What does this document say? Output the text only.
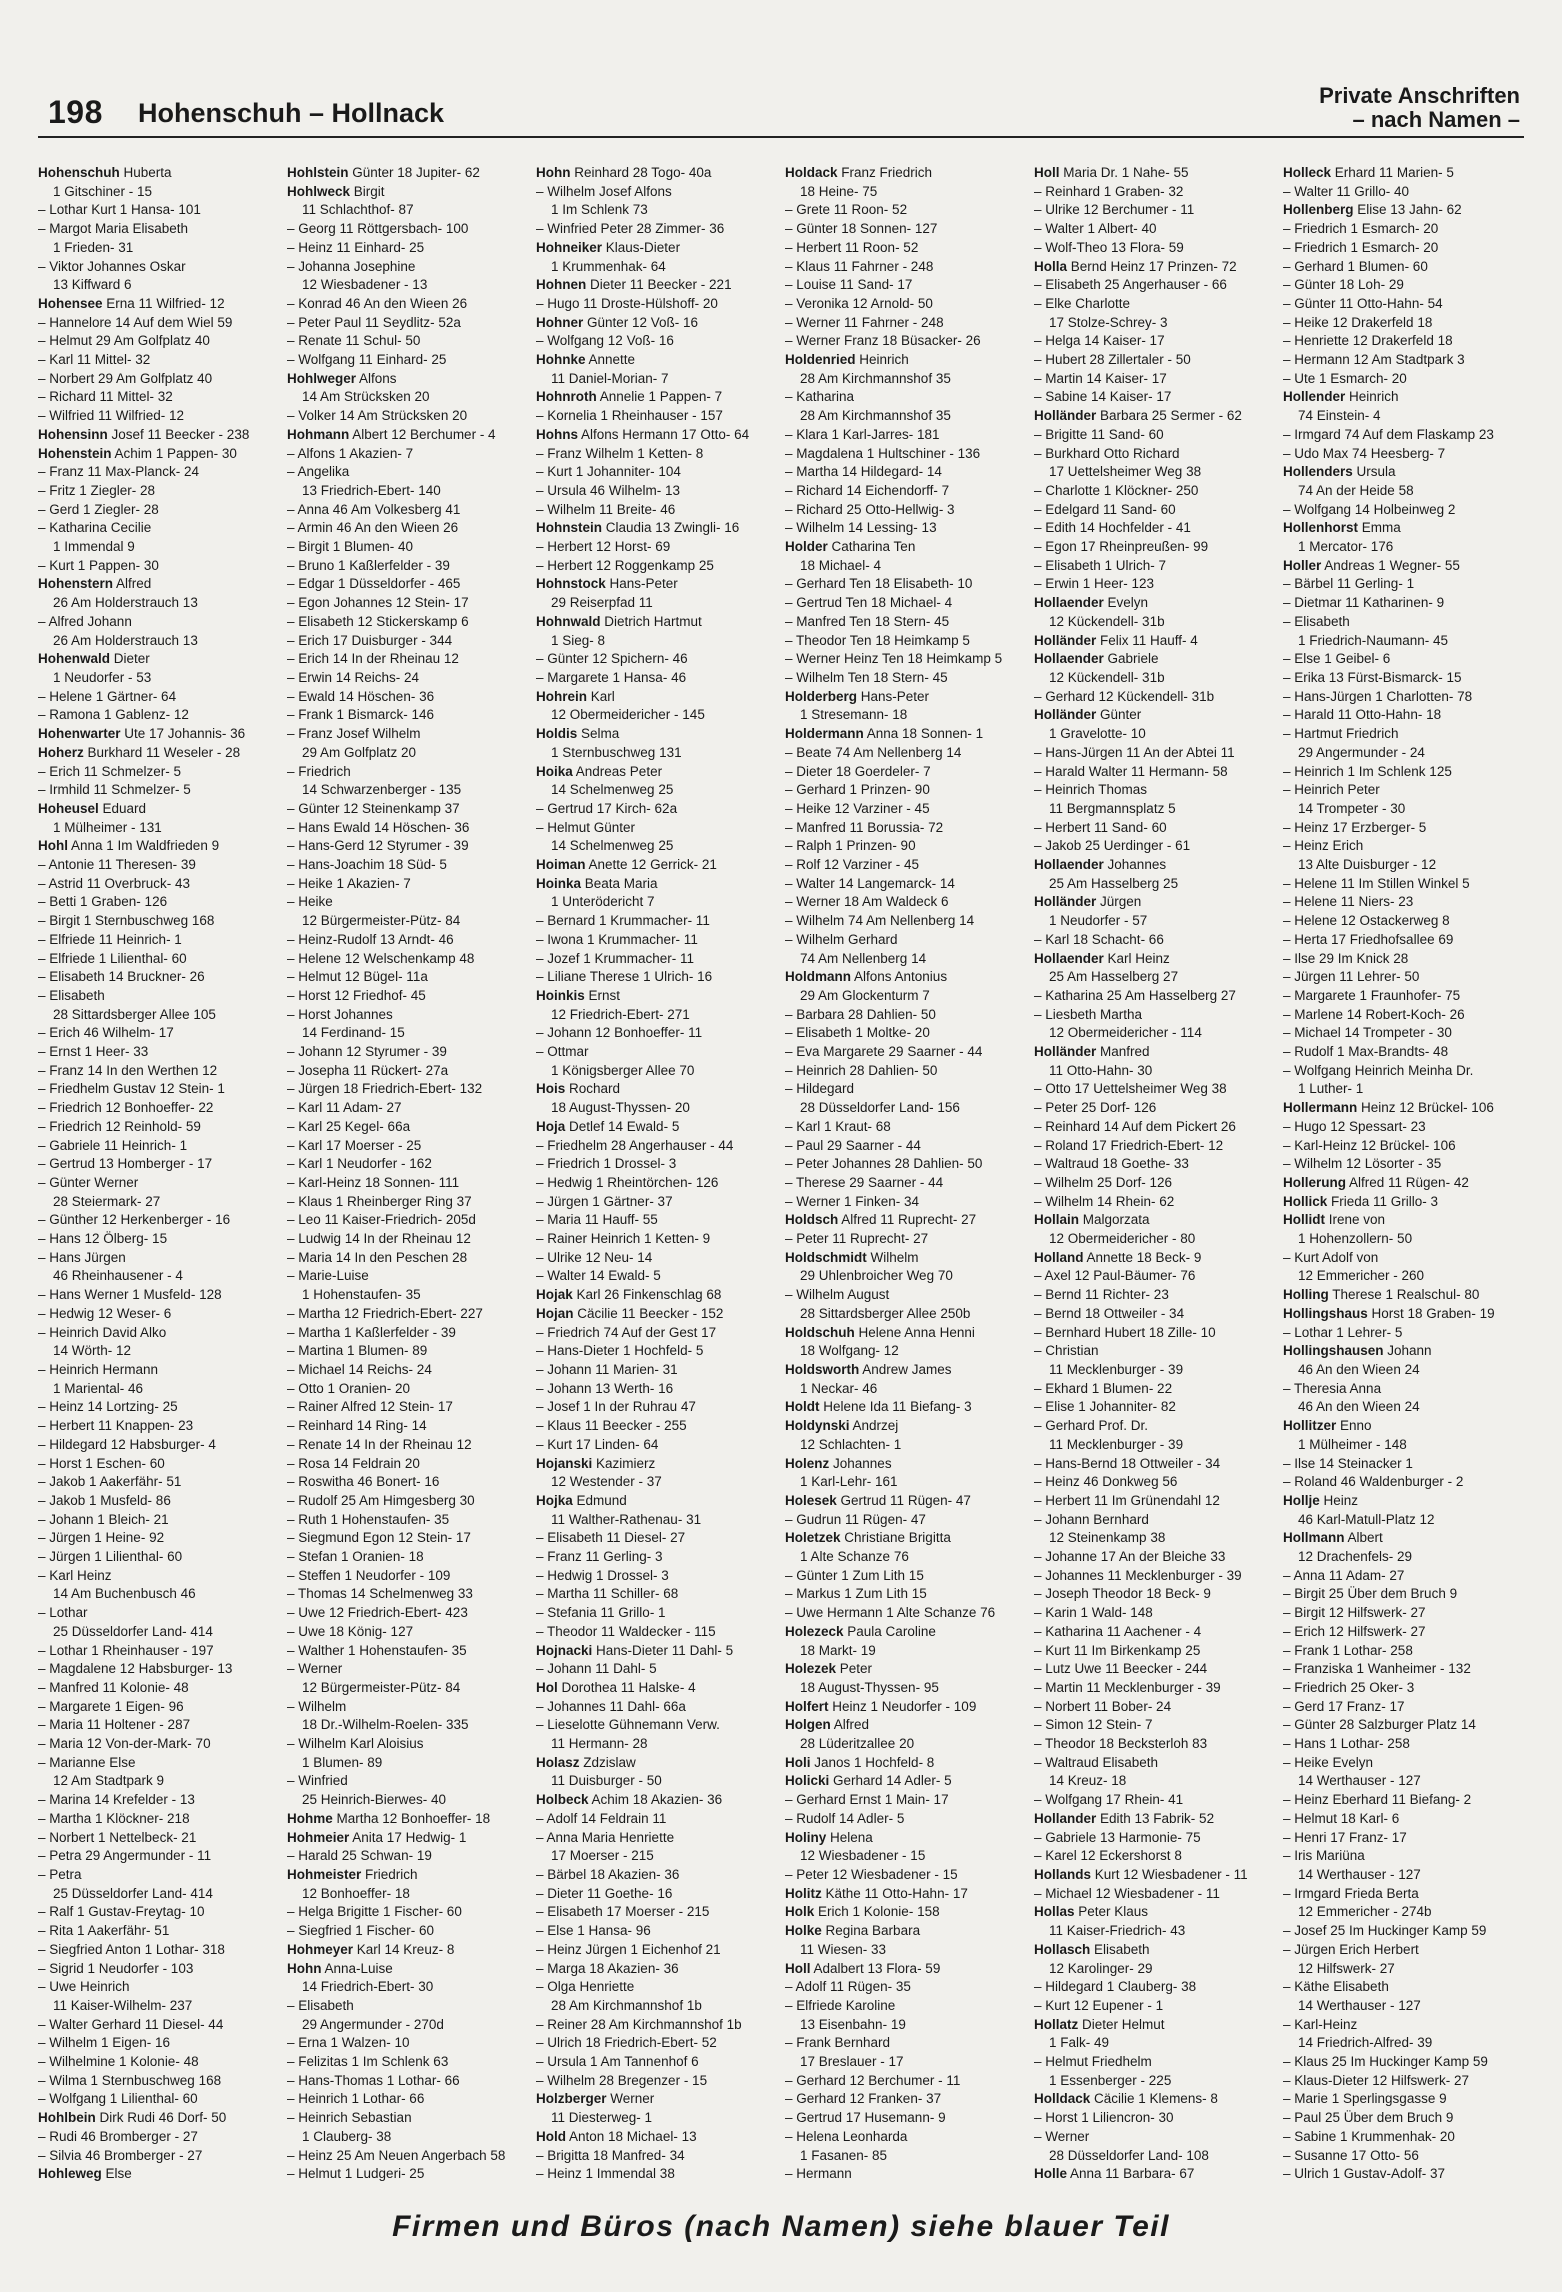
198 Hohenschuh – Hollnack
Private Anschriften
– nach Namen –
Hohenschuh Huberta
1 Gitschiner - 15
– Lothar Kurt 1 Hansa- 101
– Margot Maria Elisabeth
1 Frieden- 31
– Viktor Johannes Oskar
13 Kiffward 6
Hohensee Erna 11 Wilfried- 12
– Hannelore 14 Auf dem Wiel 59
– Helmut 29 Am Golfplatz 40
– Karl 11 Mittel- 32
– Norbert 29 Am Golfplatz 40
– Richard 11 Mittel- 32
– Wilfried 11 Wilfried- 12
Hohensinn Josef 11 Beecker - 238
Hohenstein Achim 1 Pappen- 30
– Franz 11 Max-Planck- 24
– Fritz 1 Ziegler- 28
– Gerd 1 Ziegler- 28
– Katharina Cecilie
1 Immendal 9
– Kurt 1 Pappen- 30
Hohenstern Alfred
26 Am Holderstrauch 13
– Alfred Johann
26 Am Holderstrauch 13
Hohenwald Dieter
1 Neudorfer - 53
– Helene 1 Gärtner- 64
– Ramona 1 Gablenz- 12
Hohenwarter Ute 17 Johannis- 36
Hoherz Burkhard 11 Weseler - 28
– Erich 11 Schmelzer- 5
– Irmhild 11 Schmelzer- 5
Hoheusel Eduard
1 Mülheimer - 131
Hohl Anna 1 Im Waldfrieden 9
– Antonie 11 Theresen- 39
– Astrid 11 Overbruck- 43
– Betti 1 Graben- 126
– Birgit 1 Sternbuschweg 168
– Elfriede 11 Heinrich- 1
– Elfriede 1 Lilienthal- 60
– Elisabeth 14 Bruckner- 26
– Elisabeth
28 Sittardsberger Allee 105
– Erich 46 Wilhelm- 17
– Ernst 1 Heer- 33
– Franz 14 In den Werthen 12
– Friedhelm Gustav 12 Stein- 1
– Friedrich 12 Bonhoeffer- 22
– Friedrich 12 Reinhold- 59
– Gabriele 11 Heinrich- 1
– Gertrud 13 Homberger - 17
– Günter Werner
28 Steiermark- 27
– Günther 12 Herkenberger - 16
– Hans 12 Ölberg- 15
– Hans Jürgen
46 Rheinhausener - 4
– Hans Werner 1 Musfeld- 128
– Hedwig 12 Weser- 6
– Heinrich David Alko
14 Wörth- 12
– Heinrich Hermann
1 Mariental- 46
– Heinz 14 Lortzing- 25
– Herbert 11 Knappen- 23
– Hildegard 12 Habsburger- 4
– Horst 1 Eschen- 60
– Jakob 1 Aakerfähr- 51
– Jakob 1 Musfeld- 86
– Johann 1 Bleich- 21
– Jürgen 1 Heine- 92
– Jürgen 1 Lilienthal- 60
– Karl Heinz
14 Am Buchenbusch 46
– Lothar
25 Düsseldorfer Land- 414
– Lothar 1 Rheinhauser - 197
– Magdalene 12 Habsburger- 13
– Manfred 11 Kolonie- 48
– Margarete 1 Eigen- 96
– Maria 11 Holtener - 287
– Maria 12 Von-der-Mark- 70
– Marianne Else
12 Am Stadtpark 9
– Marina 14 Krefelder - 13
– Martha 1 Klöckner- 218
– Norbert 1 Nettelbeck- 21
– Petra 29 Angermunder - 11
– Petra
25 Düsseldorfer Land- 414
– Ralf 1 Gustav-Freytag- 10
– Rita 1 Aakerfähr- 51
– Siegfried Anton 1 Lothar- 318
– Sigrid 1 Neudorfer - 103
– Uwe Heinrich
11 Kaiser-Wilhelm- 237
– Walter Gerhard 11 Diesel- 44
– Wilhelm 1 Eigen- 16
– Wilhelmine 1 Kolonie- 48
– Wilma 1 Sternbuschweg 168
– Wolfgang 1 Lilienthal- 60
Hohlbein Dirk Rudi 46 Dorf- 50
– Rudi 46 Bromberger - 27
– Silvia 46 Bromberger - 27
Hohleweg Else
Hohlstein Günter 18 Jupiter- 62
Hohlweck Birgit
11 Schlachthof- 87
– Georg 11 Röttgersbach- 100
– Heinz 11 Einhard- 25
– Johanna Josephine
12 Wiesbadener - 13
– Konrad 46 An den Wieen 26
– Peter Paul 11 Seydlitz- 52a
– Renate 11 Schul- 50
– Wolfgang 11 Einhard- 25
Hohlweger Alfons
14 Am Strücksken 20
– Volker 14 Am Strücksken 20
Hohmann Albert 12 Berchumer - 4
– Alfons 1 Akazien- 7
– Angelika
13 Friedrich-Ebert- 140
– Anna 46 Am Volkesberg 41
– Armin 46 An den Wieen 26
– Birgit 1 Blumen- 40
– Bruno 1 Kaßlerfelder - 39
– Edgar 1 Düsseldorfer - 465
– Egon Johannes 12 Stein- 17
– Elisabeth 12 Stickerskamp 6
– Erich 17 Duisburger - 344
– Erich 14 In der Rheinau 12
– Erwin 14 Reichs- 24
– Ewald 14 Höschen- 36
– Frank 1 Bismarck- 146
– Franz Josef Wilhelm
29 Am Golfplatz 20
– Friedrich
14 Schwarzenberger - 135
– Günter 12 Steinenkamp 37
– Hans Ewald 14 Höschen- 36
– Hans-Gerd 12 Styrumer - 39
– Hans-Joachim 18 Süd- 5
– Heike 1 Akazien- 7
– Heike
12 Bürgermeister-Pütz- 84
– Heinz-Rudolf 13 Arndt- 46
– Helene 12 Welschenkamp 48
– Helmut 12 Bügel- 11a
– Horst 12 Friedhof- 45
– Horst Johannes
14 Ferdinand- 15
– Johann 12 Styrumer - 39
– Josepha 11 Rückert- 27a
– Jürgen 18 Friedrich-Ebert- 132
– Karl 11 Adam- 27
– Karl 25 Kegel- 66a
– Karl 17 Moerser - 25
– Karl 1 Neudorfer - 162
– Karl-Heinz 18 Sonnen- 111
– Klaus 1 Rheinberger Ring 37
– Leo 11 Kaiser-Friedrich- 205d
– Ludwig 14 In der Rheinau 12
– Maria 14 In den Peschen 28
– Marie-Luise
1 Hohenstaufen- 35
– Martha 12 Friedrich-Ebert- 227
– Martha 1 Kaßlerfelder - 39
– Martina 1 Blumen- 89
– Michael 14 Reichs- 24
– Otto 1 Oranien- 20
– Rainer Alfred 12 Stein- 17
– Reinhard 14 Ring- 14
– Renate 14 In der Rheinau 12
– Rosa 14 Feldrain 20
– Roswitha 46 Bonert- 16
– Rudolf 25 Am Himgesberg 30
– Ruth 1 Hohenstaufen- 35
– Siegmund Egon 12 Stein- 17
– Stefan 1 Oranien- 18
– Steffen 1 Neudorfer - 109
– Thomas 14 Schelmenweg 33
– Uwe 12 Friedrich-Ebert- 423
– Uwe 18 König- 127
– Walther 1 Hohenstaufen- 35
– Werner
12 Bürgermeister-Pütz- 84
– Wilhelm
18 Dr.-Wilhelm-Roelen- 335
– Wilhelm Karl Aloisius
1 Blumen- 89
– Winfried
25 Heinrich-Bierwes- 40
Hohme Martha 12 Bonhoeffer- 18
Hohmeier Anita 17 Hedwig- 1
– Harald 25 Schwan- 19
Hohmeister Friedrich
12 Bonhoeffer- 18
– Helga Brigitte 1 Fischer- 60
– Siegfried 1 Fischer- 60
Hohmeyer Karl 14 Kreuz- 8
Hohn Anna-Luise
14 Friedrich-Ebert- 30
– Elisabeth
29 Angermunder - 270d
– Erna 1 Walzen- 10
– Felizitas 1 Im Schlenk 63
– Hans-Thomas 1 Lothar- 66
– Heinrich 1 Lothar- 66
– Heinrich Sebastian
1 Clauberg- 38
– Heinz 25 Am Neuen Angerbach 58
– Helmut 1 Ludgeri- 25
Hohn Reinhard 28 Togo- 40a
– Wilhelm Josef Alfons
1 Im Schlenk 73
– Winfried Peter 28 Zimmer- 36
Hohneiker Klaus-Dieter
1 Krummenhak- 64
Hohnen Dieter 11 Beecker - 221
– Hugo 11 Droste-Hülshoff- 20
Hohner Günter 12 Voß- 16
– Wolfgang 12 Voß- 16
Hohnke Annette
11 Daniel-Morian- 7
Hohnroth Annelie 1 Pappen- 7
– Kornelia 1 Rheinhauser - 157
Hohns Alfons Hermann 17 Otto- 64
– Franz Wilhelm 1 Ketten- 8
– Kurt 1 Johanniter- 104
– Ursula 46 Wilhelm- 13
– Wilhelm 11 Breite- 46
Hohnstein Claudia 13 Zwingli- 16
– Herbert 12 Horst- 69
– Herbert 12 Roggenkamp 25
Hohnstock Hans-Peter
29 Reiserpfad 11
Hohnwald Dietrich Hartmut
1 Sieg- 8
– Günter 12 Spichern- 46
– Margarete 1 Hansa- 46
Hohrein Karl
12 Obermeidericher - 145
Holdis Selma
1 Sternbuschweg 131
Hoika Andreas Peter
14 Schelmenweg 25
– Gertrud 17 Kirch- 62a
– Helmut Günter
14 Schelmenweg 25
Hoiman Anette 12 Gerrick- 21
Hoinka Beata Maria
1 Unterödericht 7
– Bernard 1 Krummacher- 11
– Iwona 1 Krummacher- 11
– Jozef 1 Krummacher- 11
– Liliane Therese 1 Ulrich- 16
Hoinkis Ernst
12 Friedrich-Ebert- 271
– Johann 12 Bonhoeffer- 11
– Ottmar
1 Königsberger Allee 70
Hois Rochard
18 August-Thyssen- 20
Hoja Detlef 14 Ewald- 5
– Friedhelm 28 Angerhauser - 44
– Friedrich 1 Drossel- 3
– Hedwig 1 Rheintörchen- 126
– Jürgen 1 Gärtner- 37
– Maria 11 Hauff- 55
– Rainer Heinrich 1 Ketten- 9
– Ulrike 12 Neu- 14
– Walter 14 Ewald- 5
Hojak Karl 26 Finkenschlag 68
Hojan Cäcilie 11 Beecker - 152
– Friedrich 74 Auf der Gest 17
– Hans-Dieter 1 Hochfeld- 5
– Johann 11 Marien- 31
– Johann 13 Werth- 16
– Josef 1 In der Ruhrau 47
– Klaus 11 Beecker - 255
– Kurt 17 Linden- 64
Hojanski Kazimierz
12 Westender - 37
Hojka Edmund
11 Walther-Rathenau- 31
– Elisabeth 11 Diesel- 27
– Franz 11 Gerling- 3
– Hedwig 1 Drossel- 3
– Martha 11 Schiller- 68
– Stefania 11 Grillo- 1
– Theodor 11 Waldecker - 115
Hojnacki Hans-Dieter 11 Dahl- 5
– Johann 11 Dahl- 5
Hol Dorothea 11 Halske- 4
– Johannes 11 Dahl- 66a
– Lieselotte Gühnemann Verw.
11 Hermann- 28
Holasz Zdzislaw
11 Duisburger - 50
Holbeck Achim 18 Akazien- 36
– Adolf 14 Feldrain 11
– Anna Maria Henriette
17 Moerser - 215
– Bärbel 18 Akazien- 36
– Dieter 11 Goethe- 16
– Elisabeth 17 Moerser - 215
– Else 1 Hansa- 96
– Heinz Jürgen 1 Eichenhof 21
– Marga 18 Akazien- 36
– Olga Henriette
28 Am Kirchmannshof 1b
– Reiner 28 Am Kirchmannshof 1b
– Ulrich 18 Friedrich-Ebert- 52
– Ursula 1 Am Tannenhof 6
– Wilhelm 28 Bregenzer - 15
Holzberger Werner
11 Diesterweg- 1
Hold Anton 18 Michael- 13
– Brigitta 18 Manfred- 34
– Heinz 1 Immendal 38
Holdack Franz Friedrich
18 Heine- 75
– Grete 11 Roon- 52
– Günter 18 Sonnen- 127
– Herbert 11 Roon- 52
– Klaus 11 Fahrner - 248
– Louise 11 Sand- 17
– Veronika 12 Arnold- 50
– Werner 11 Fahrner - 248
– Werner Franz 18 Büsacker- 26
Holdenried Heinrich
28 Am Kirchmannshof 35
– Katharina
28 Am Kirchmannshof 35
– Klara 1 Karl-Jarres- 181
– Magdalena 1 Hultschiner - 136
– Martha 14 Hildegard- 14
– Richard 14 Eichendorff- 7
– Richard 25 Otto-Hellwig- 3
– Wilhelm 14 Lessing- 13
Holder Catharina Ten
18 Michael- 4
– Gerhard Ten 18 Elisabeth- 10
– Gertrud Ten 18 Michael- 4
– Manfred Ten 18 Stern- 45
– Theodor Ten 18 Heimkamp 5
– Werner Heinz Ten 18 Heimkamp 5
– Wilhelm Ten 18 Stern- 45
Holderberg Hans-Peter
1 Stresemann- 18
Holdermann Anna 18 Sonnen- 1
– Beate 74 Am Nellenberg 14
– Dieter 18 Goerdeler- 7
– Gerhard 1 Prinzen- 90
– Heike 12 Varziner - 45
– Manfred 11 Borussia- 72
– Ralph 1 Prinzen- 90
– Rolf 12 Varziner - 45
– Walter 14 Langemarck- 14
– Werner 18 Am Waldeck 6
– Wilhelm 74 Am Nellenberg 14
– Wilhelm Gerhard
74 Am Nellenberg 14
Holdmann Alfons Antonius
29 Am Glockenturm 7
– Barbara 28 Dahlien- 50
– Elisabeth 1 Moltke- 20
– Eva Margarete 29 Saarner - 44
– Heinrich 28 Dahlien- 50
– Hildegard
28 Düsseldorfer Land- 156
– Karl 1 Kraut- 68
– Paul 29 Saarner - 44
– Peter Johannes 28 Dahlien- 50
– Therese 29 Saarner - 44
– Werner 1 Finken- 34
Holdsch Alfred 11 Ruprecht- 27
– Peter 11 Ruprecht- 27
Holdschmidt Wilhelm
29 Uhlenbroicher Weg 70
– Wilhelm August
28 Sittardsberger Allee 250b
Holdschuh Helene Anna Henni
18 Wolfgang- 12
Holdsworth Andrew James
1 Neckar- 46
Holdt Helene Ida 11 Biefang- 3
Holdynski Andrzej
12 Schlachten- 1
Holenz Johannes
1 Karl-Lehr- 161
Holesek Gertrud 11 Rügen- 47
– Gudrun 11 Rügen- 47
Holetzek Christiane Brigitta
1 Alte Schanze 76
– Günter 1 Zum Lith 15
– Markus 1 Zum Lith 15
– Uwe Hermann 1 Alte Schanze 76
Holezeck Paula Caroline
18 Markt- 19
Holezek Peter
18 August-Thyssen- 95
Holfert Heinz 1 Neudorfer - 109
Holgen Alfred
28 Lüderitzallee 20
Holi Janos 1 Hochfeld- 8
Holicki Gerhard 14 Adler- 5
– Gerhard Ernst 1 Main- 17
– Rudolf 14 Adler- 5
Holiny Helena
12 Wiesbadener - 15
– Peter 12 Wiesbadener - 15
Holitz Käthe 11 Otto-Hahn- 17
Holk Erich 1 Kolonie- 158
Holke Regina Barbara
11 Wiesen- 33
Holl Adalbert 13 Flora- 59
– Adolf 11 Rügen- 35
– Elfriede Karoline
13 Eisenbahn- 19
– Frank Bernhard
17 Breslauer - 17
– Gerhard 12 Berchumer - 11
– Gerhard 12 Franken- 37
– Gertrud 17 Husemann- 9
– Helena Leonharda
1 Fasanen- 85
– Hermann
Holl Maria Dr. 1 Nahe- 55
– Reinhard 1 Graben- 32
– Ulrike 12 Berchumer - 11
– Walter 1 Albert- 40
– Wolf-Theo 13 Flora- 59
Holla Bernd Heinz 17 Prinzen- 72
– Elisabeth 25 Angerhauser - 66
– Elke Charlotte
17 Stolze-Schrey- 3
– Helga 14 Kaiser- 17
– Hubert 28 Zillertaler - 50
– Martin 14 Kaiser- 17
– Sabine 14 Kaiser- 17
Holländer Barbara 25 Sermer - 62
– Brigitte 11 Sand- 60
– Burkhard Otto Richard
17 Uettelsheimer Weg 38
– Charlotte 1 Klöckner- 250
– Edelgard 11 Sand- 60
– Edith 14 Hochfelder - 41
– Egon 17 Rheinpreußen- 99
– Elisabeth 1 Ulrich- 7
– Erwin 1 Heer- 123
Hollaender Evelyn
12 Kückendell- 31b
Holländer Felix 11 Hauff- 4
Hollaender Gabriele
12 Kückendell- 31b
– Gerhard 12 Kückendell- 31b
Holländer Günter
1 Gravelotte- 10
– Hans-Jürgen 11 An der Abtei 11
– Harald Walter 11 Hermann- 58
– Heinrich Thomas
11 Bergmannsplatz 5
– Herbert 11 Sand- 60
– Jakob 25 Uerdinger - 61
Hollaender Johannes
25 Am Hasselberg 25
Holländer Jürgen
1 Neudorfer - 57
– Karl 18 Schacht- 66
Hollaender Karl Heinz
25 Am Hasselberg 27
– Katharina 25 Am Hasselberg 27
– Liesbeth Martha
12 Obermeidericher - 114
Holländer Manfred
11 Otto-Hahn- 30
– Otto 17 Uettelsheimer Weg 38
– Peter 25 Dorf- 126
– Reinhard 14 Auf dem Pickert 26
– Roland 17 Friedrich-Ebert- 12
– Waltraud 18 Goethe- 33
– Wilhelm 25 Dorf- 126
– Wilhelm 14 Rhein- 62
Hollain Malgorzata
12 Obermeidericher - 80
Holland Annette 18 Beck- 9
– Axel 12 Paul-Bäumer- 76
– Bernd 11 Richter- 23
– Bernd 18 Ottweiler - 34
– Bernhard Hubert 18 Zille- 10
– Christian
11 Mecklenburger - 39
– Ekhard 1 Blumen- 22
– Elise 1 Johanniter- 82
– Gerhard Prof. Dr.
11 Mecklenburger - 39
– Hans-Bernd 18 Ottweiler - 34
– Heinz 46 Donkweg 56
– Herbert 11 Im Grünendahl 12
– Johann Bernhard
12 Steinenkamp 38
– Johanne 17 An der Bleiche 33
– Johannes 11 Mecklenburger - 39
– Joseph Theodor 18 Beck- 9
– Karin 1 Wald- 148
– Katharina 11 Aachener - 4
– Kurt 11 Im Birkenkamp 25
– Lutz Uwe 11 Beecker - 244
– Martin 11 Mecklenburger - 39
– Norbert 11 Bober- 24
– Simon 12 Stein- 7
– Theodor 18 Becksterloh 83
– Waltraud Elisabeth
14 Kreuz- 18
– Wolfgang 17 Rhein- 41
Hollander Edith 13 Fabrik- 52
– Gabriele 13 Harmonie- 75
– Karel 12 Eckershorst 8
Hollands Kurt 12 Wiesbadener - 11
– Michael 12 Wiesbadener - 11
Hollas Peter Klaus
11 Kaiser-Friedrich- 43
Hollasch Elisabeth
12 Karolinger- 29
– Hildegard 1 Clauberg- 38
– Kurt 12 Eupener - 1
Hollatz Dieter Helmut
1 Falk- 49
– Helmut Friedhelm
1 Essenberger - 225
Holldack Cäcilie 1 Klemens- 8
– Horst 1 Liliencron- 30
– Werner
28 Düsseldorfer Land- 108
Holle Anna 11 Barbara- 67
Holleck Erhard 11 Marien- 5
– Walter 11 Grillo- 40
Hollenberg Elise 13 Jahn- 62
– Friedrich 1 Esmarch- 20
– Friedrich 1 Esmarch- 20
– Gerhard 1 Blumen- 60
– Günter 18 Loh- 29
– Günter 11 Otto-Hahn- 54
– Heike 12 Drakerfeld 18
– Henriette 12 Drakerfeld 18
– Hermann 12 Am Stadtpark 3
– Ute 1 Esmarch- 20
Hollender Heinrich
74 Einstein- 4
– Irmgard 74 Auf dem Flaskamp 23
– Udo Max 74 Heesberg- 7
Hollenders Ursula
74 An der Heide 58
– Wolfgang 14 Holbeinweg 2
Hollenhorst Emma
1 Mercator- 176
Holler Andreas 1 Wegner- 55
– Bärbel 11 Gerling- 1
– Dietmar 11 Katharinen- 9
– Elisabeth
1 Friedrich-Naumann- 45
– Else 1 Geibel- 6
– Erika 13 Fürst-Bismarck- 15
– Hans-Jürgen 1 Charlotten- 78
– Harald 11 Otto-Hahn- 18
– Hartmut Friedrich
29 Angermunder - 24
– Heinrich 1 Im Schlenk 125
– Heinrich Peter
14 Trompeter - 30
– Heinz 17 Erzberger- 5
– Heinz Erich
13 Alte Duisburger - 12
– Helene 11 Im Stillen Winkel 5
– Helene 11 Niers- 23
– Helene 12 Ostackerweg 8
– Herta 17 Friedhofsallee 69
– Ilse 29 Im Knick 28
– Jürgen 11 Lehrer- 50
– Margarete 1 Fraunhofer- 75
– Marlene 14 Robert-Koch- 26
– Michael 14 Trompeter - 30
– Rudolf 1 Max-Brandts- 48
– Wolfgang Heinrich Meinha Dr.
1 Luther- 1
Hollermann Heinz 12 Brückel- 106
– Hugo 12 Spessart- 23
– Karl-Heinz 12 Brückel- 106
– Wilhelm 12 Lösorter - 35
Hollerung Alfred 11 Rügen- 42
Hollick Frieda 11 Grillo- 3
Hollidt Irene von
1 Hohenzollern- 50
– Kurt Adolf von
12 Emmericher - 260
Holling Therese 1 Realschul- 80
Hollingshaus Horst 18 Graben- 19
– Lothar 1 Lehrer- 5
Hollingshausen Johann
46 An den Wieen 24
– Theresia Anna
46 An den Wieen 24
Hollitzer Enno
1 Mülheimer - 148
– Ilse 14 Steinacker 1
– Roland 46 Waldenburger - 2
Hollje Heinz
46 Karl-Matull-Platz 12
Hollmann Albert
12 Drachenfels- 29
– Anna 11 Adam- 27
– Birgit 25 Über dem Bruch 9
– Birgit 12 Hilfswerk- 27
– Erich 12 Hilfswerk- 27
– Frank 1 Lothar- 258
– Franziska 1 Wanheimer - 132
– Friedrich 25 Oker- 3
– Gerd 17 Franz- 17
– Günter 28 Salzburger Platz 14
– Hans 1 Lothar- 258
– Heike Evelyn
14 Werthauser - 127
– Heinz Eberhard 11 Biefang- 2
– Helmut 18 Karl- 6
– Henri 17 Franz- 17
– Iris Mariüna
14 Werthauser - 127
– Irmgard Frieda Berta
12 Emmericher - 274b
– Josef 25 Im Huckinger Kamp 59
– Jürgen Erich Herbert
12 Hilfswerk- 27
– Käthe Elisabeth
14 Werthauser - 127
– Karl-Heinz
14 Friedrich-Alfred- 39
– Klaus 25 Im Huckinger Kamp 59
– Klaus-Dieter 12 Hilfswerk- 27
– Marie 1 Sperlingsgasse 9
– Paul 25 Über dem Bruch 9
– Sabine 1 Krummenhak- 20
– Susanne 17 Otto- 56
– Ulrich 1 Gustav-Adolf- 37
Firmen und Büros (nach Namen) siehe blauer Teil
